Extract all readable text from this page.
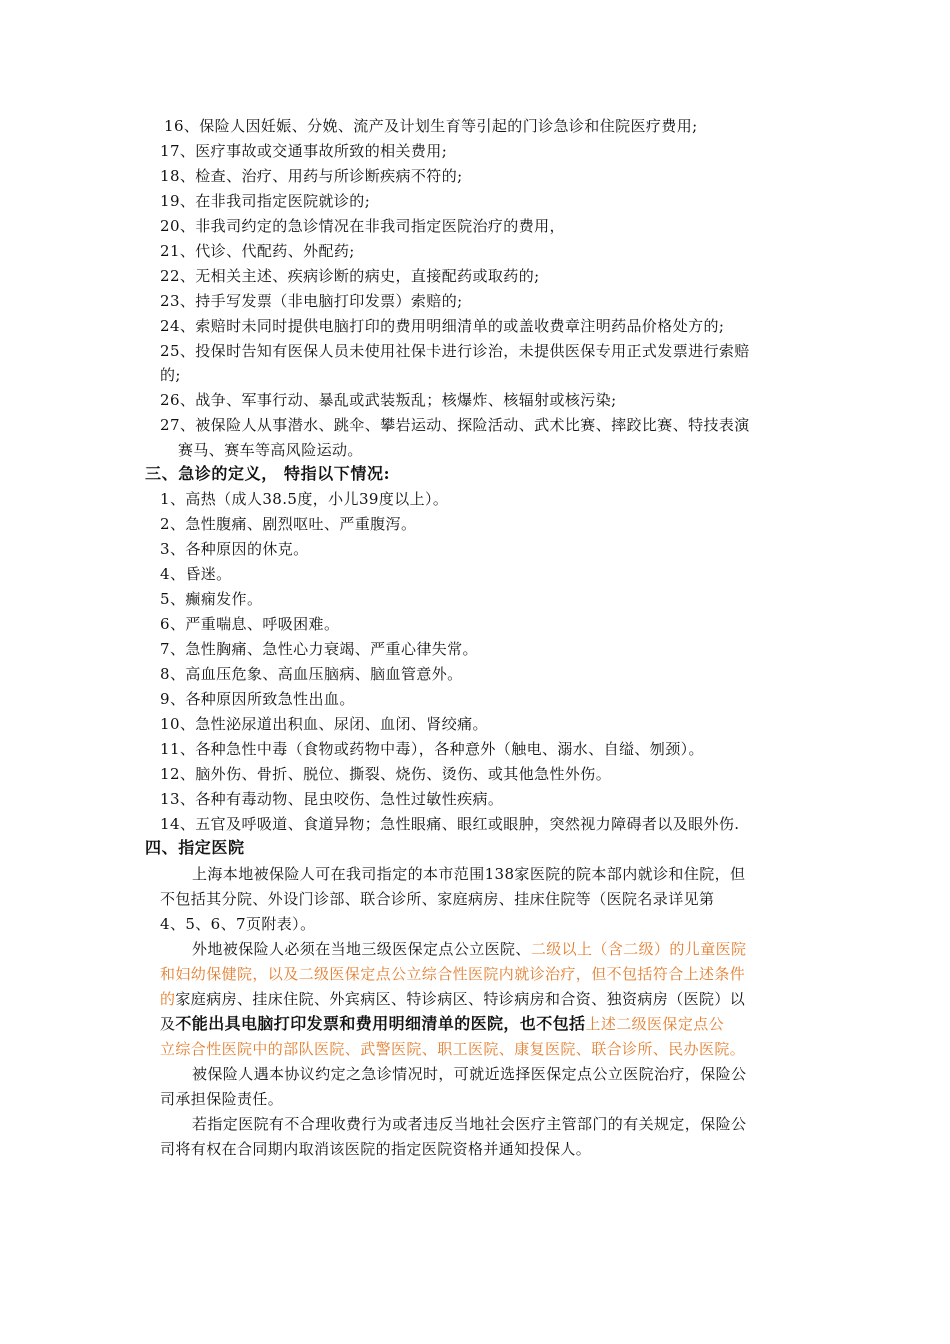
16、保险人因妊娠、分娩、流产及计划生育等引起的门诊急诊和住院医疗费用;
17、医疗事故或交通事故所致的相关费用;
18、检查、治疗、用药与所诊断疾病不符的;
19、在非我司指定医院就诊的;
20、非我司约定的急诊情况在非我司指定医院治疗的费用，
21、代诊、代配药、外配药;
22、无相关主述、疾病诊断的病史，直接配药或取药的;
23、持手写发票（非电脑打印发票）索赔的;
24、索赔时未同时提供电脑打印的费用明细清单的或盖收费章注明药品价格处方的;
25、投保时告知有医保人员未使用社保卡进行诊治，未提供医保专用正式发票进行索赔
的;
26、战争、军事行动、暴乱或武装叛乱；核爆炸、核辐射或核污染;
27、被保险人从事潜水、跳伞、攀岩运动、探险活动、武术比赛、摔跤比赛、特技表演
赛马、赛车等高风险运动。
三、急诊的定义， 特指以下情况:
1、高热（成人38.5度，小儿39度以上）。
2、急性腹痛、剧烈呕吐、严重腹泻。
3、各种原因的休克。
4、昏迷。
5、癫痫发作。
6、严重喘息、呼吸困难。
7、急性胸痛、急性心力衰竭、严重心律失常。
8、高血压危象、高血压脑病、脑血管意外。
9、各种原因所致急性出血。
10、急性泌尿道出积血、尿闭、血闭、肾绞痛。
11、各种急性中毒（食物或药物中毒），各种意外（触电、溺水、自缢、刎颈）。
12、脑外伤、骨折、脱位、撕裂、烧伤、烫伤、或其他急性外伤。
13、各种有毒动物、昆虫咬伤、急性过敏性疾病。
14、五官及呼吸道、食道异物；急性眼痛、眼红或眼肿，突然视力障碍者以及眼外伤.
四、指定医院
上海本地被保险人可在我司指定的本市范围138家医院的院本部内就诊和住院，但
不包括其分院、外设门诊部、联合诊所、家庭病房、挂床住院等（医院名录详见第
4、5、6、7页附表）。
外地被保险人必须在当地三级医保定点公立医院、二级以上（含二级）的儿童医院
和妇幼保健院，以及二级医保定点公立综合性医院内就诊治疗，但不包括符合上述条件
的家庭病房、挂床住院、外宾病区、特诊病区、特诊病房和合资、独资病房（医院）以
及不能出具电脑打印发票和费用明细清单的医院，也不包括上述二级医保定点公
立综合性医院中的部队医院、武警医院、职工医院、康复医院、联合诊所、民办医院。
被保险人遇本协议约定之急诊情况时，可就近选择医保定点公立医院治疗，保险公
司承担保险责任。
若指定医院有不合理收费行为或者违反当地社会医疗主管部门的有关规定，保险公
司将有权在合同期内取消该医院的指定医院资格并通知投保人。
